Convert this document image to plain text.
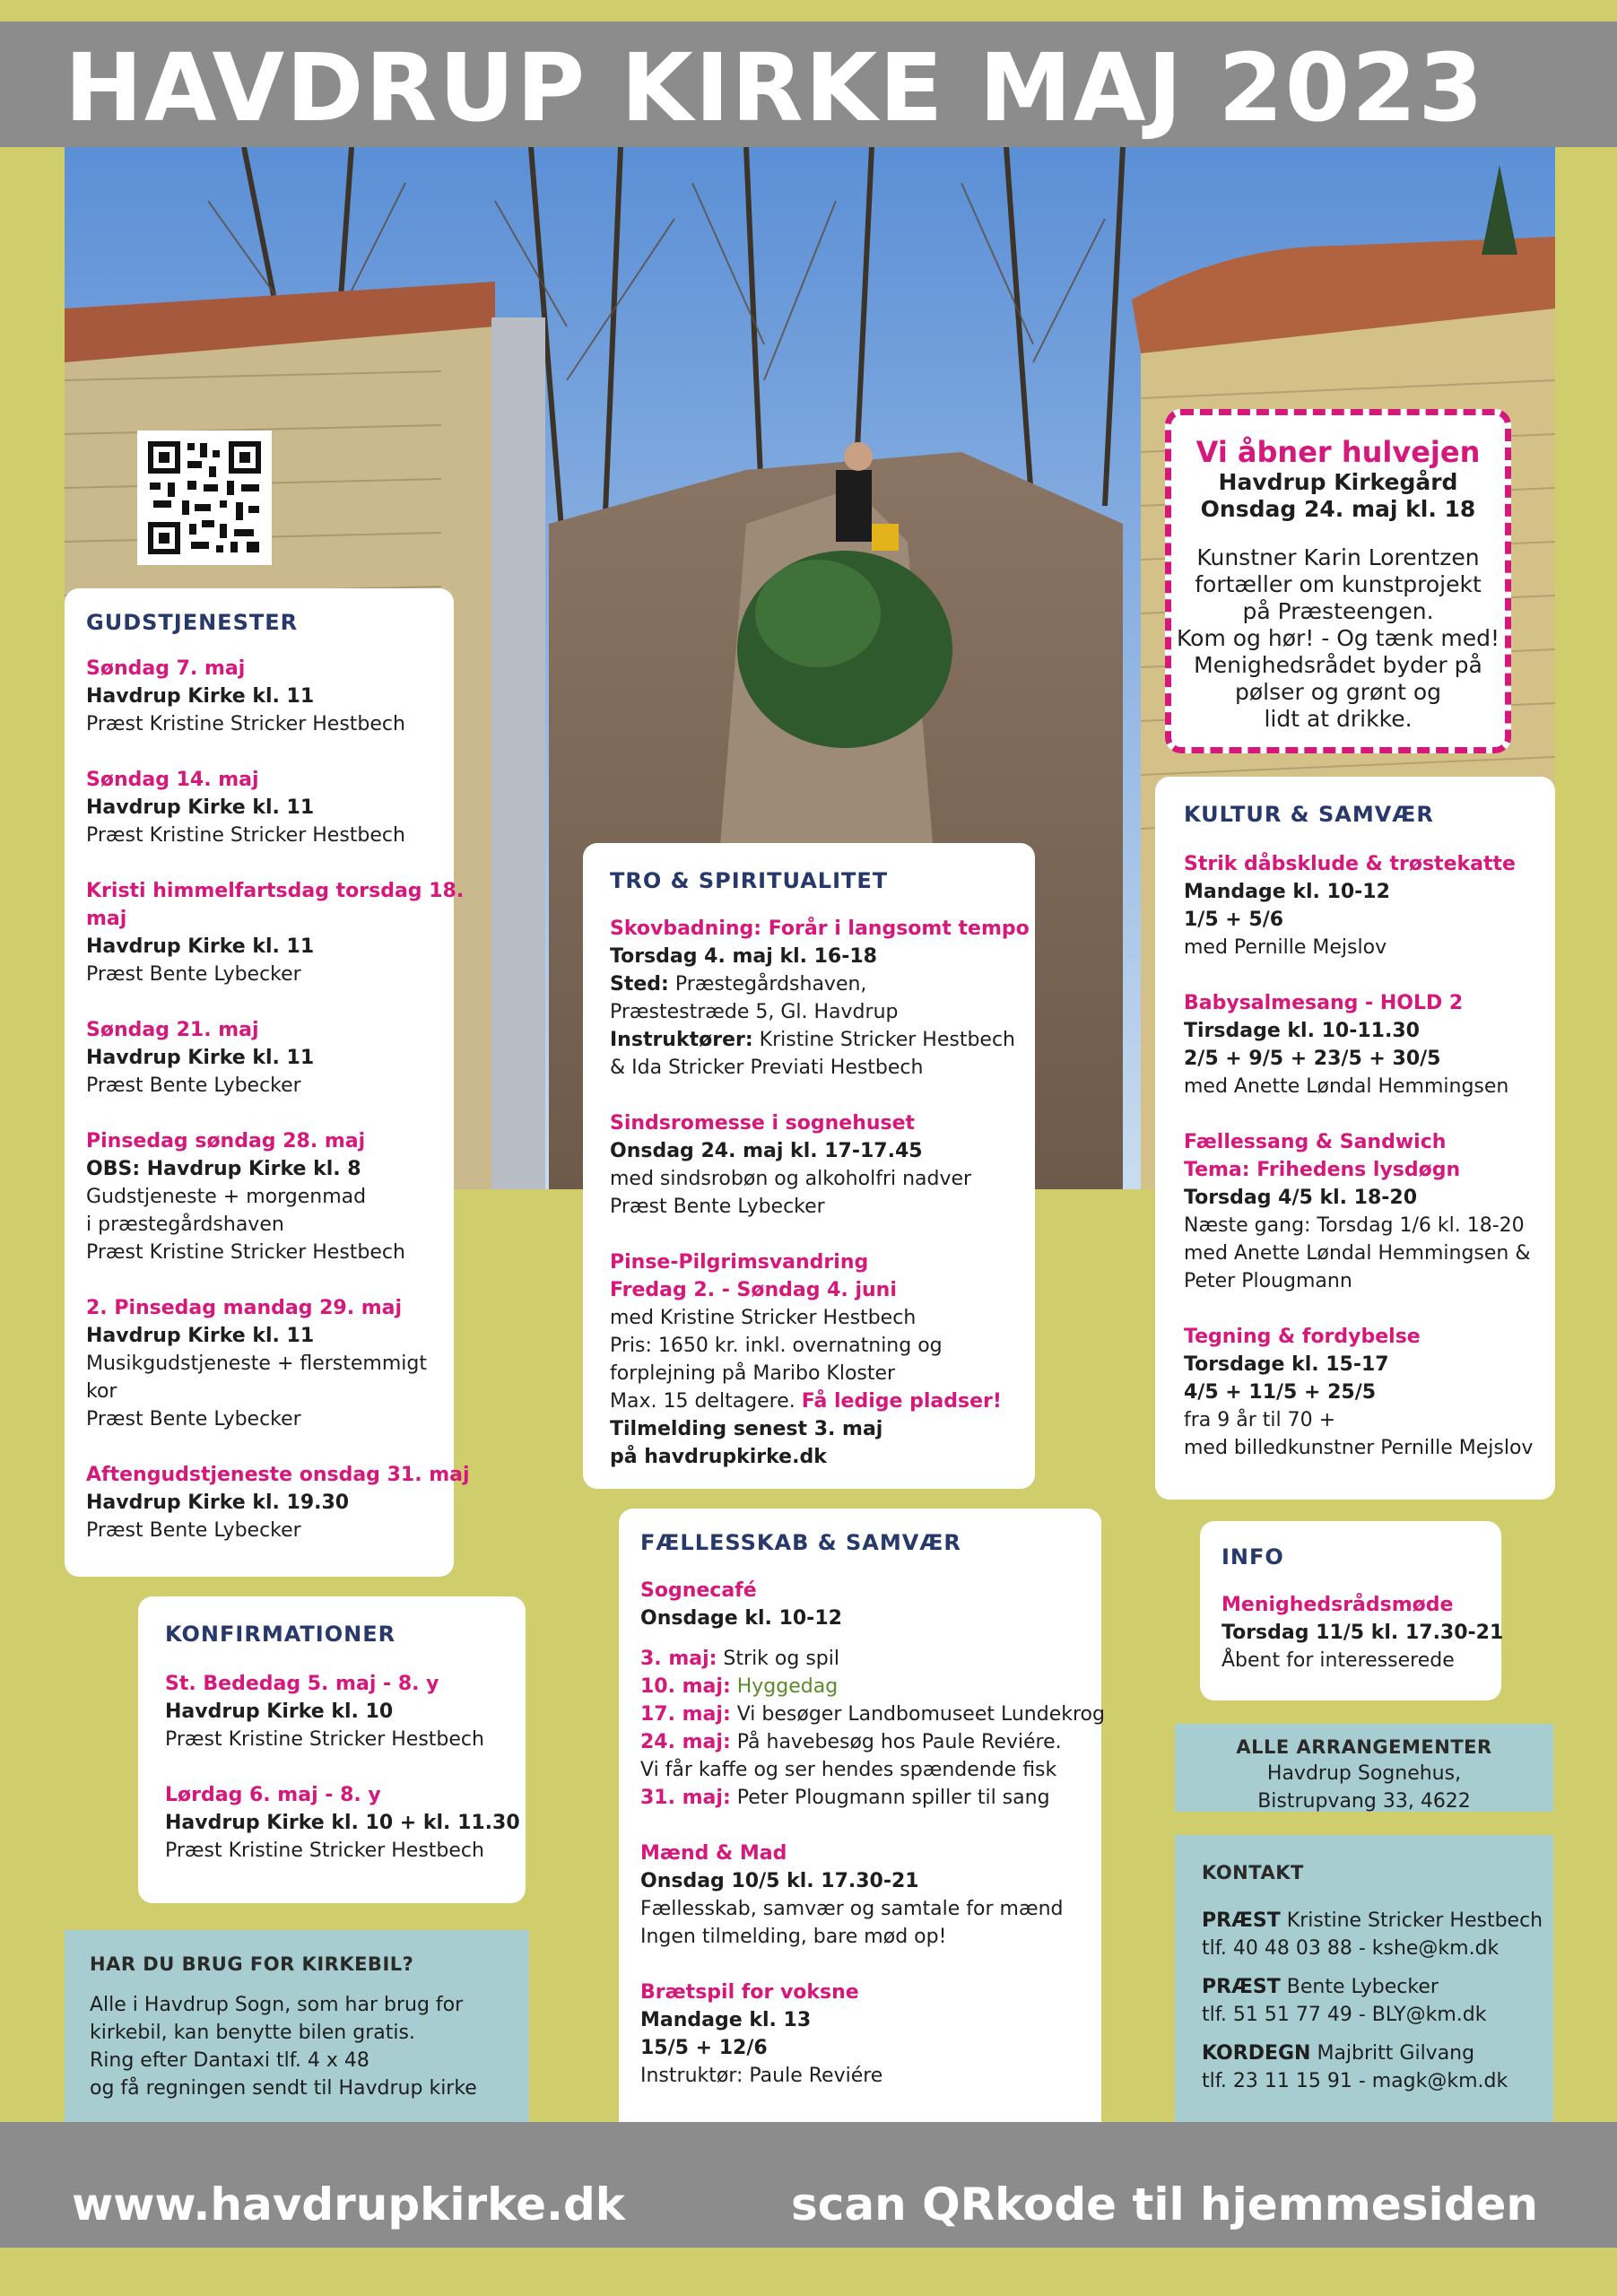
HAVDRUP KIRKE MAJ 2023
Vi åbner hulvejen
Havdrup Kirkegård
Onsdag 24. maj kl. 18
Kunstner Karin Lorentzen
fortæller om kunstprojekt
på Præsteengen.
Kom og hør! - Og tænk med!
Menighedsrådet byder på
pølser og grønt og
lidt at drikke.
GUDSTJENESTER
Søndag 7. maj
Havdrup Kirke kl. 11
Præst Kristine Stricker Hestbech
Søndag 14. maj
Havdrup Kirke kl. 11
Præst Kristine Stricker Hestbech
Kristi himmelfartsdag torsdag 18.
maj
Havdrup Kirke kl. 11
Præst Bente Lybecker
Søndag 21. maj
Havdrup Kirke kl. 11
Præst Bente Lybecker
Pinsedag søndag 28. maj
OBS: Havdrup Kirke kl. 8
Gudstjeneste + morgenmad
i præstegårdshaven
Præst Kristine Stricker Hestbech
2. Pinsedag mandag 29. maj
Havdrup Kirke kl. 11
Musikgudstjeneste + flerstemmigt
kor
Præst Bente Lybecker
Aftengudstjeneste onsdag 31. maj
Havdrup Kirke kl. 19.30
Præst Bente Lybecker
KONFIRMATIONER
St. Bededag 5. maj - 8. y
Havdrup Kirke kl. 10
Præst Kristine Stricker Hestbech
Lørdag 6. maj - 8. y
Havdrup Kirke kl. 10 + kl. 11.30
Præst Kristine Stricker Hestbech
HAR DU BRUG FOR KIRKEBIL?
Alle i Havdrup Sogn, som har brug for
kirkebil, kan benytte bilen gratis.
Ring efter Dantaxi tlf. 4 x 48
og få regningen sendt til Havdrup kirke
TRO & SPIRITUALITET
Skovbadning: Forår i langsomt tempo
Torsdag 4. maj kl. 16-18
Sted: Præstegårdshaven,
Præstestræde 5, Gl. Havdrup
Instruktører: Kristine Stricker Hestbech
& Ida Stricker Previati Hestbech
Sindsromesse i sognehuset
Onsdag 24. maj kl. 17-17.45
med sindsrobøn og alkoholfri nadver
Præst Bente Lybecker
Pinse-Pilgrimsvandring
Fredag 2. - Søndag 4. juni
med Kristine Stricker Hestbech
Pris: 1650 kr. inkl. overnatning og
forplejning på Maribo Kloster
Max. 15 deltagere. Få ledige pladser!
Tilmelding senest 3. maj
på havdrupkirke.dk
FÆLLESSKAB & SAMVÆR
Sognecafé
Onsdage kl. 10-12
3. maj: Strik og spil
10. maj: Hyggedag
17. maj: Vi besøger Landbomuseet Lundekrog
24. maj: På havebesøg hos Paule Reviére.
Vi får kaffe og ser hendes spændende fisk
31. maj: Peter Plougmann spiller til sang
Mænd & Mad
Onsdag 10/5 kl. 17.30-21
Fællesskab, samvær og samtale for mænd
Ingen tilmelding, bare mød op!
Brætspil for voksne
Mandage kl. 13
15/5 + 12/6
Instruktør: Paule Reviére
KULTUR & SAMVÆR
Strik dåbsklude & trøstekatte
Mandage kl. 10-12
1/5 + 5/6
med Pernille Mejslov
Babysalmesang - HOLD 2
Tirsdage kl. 10-11.30
2/5 + 9/5 + 23/5 + 30/5
med Anette Løndal Hemmingsen
Fællessang & Sandwich
Tema: Frihedens lysdøgn
Torsdag 4/5 kl. 18-20
Næste gang: Torsdag 1/6 kl. 18-20
med Anette Løndal Hemmingsen &
Peter Plougmann
Tegning & fordybelse
Torsdage kl. 15-17
4/5 + 11/5 + 25/5
fra 9 år til 70 +
med billedkunstner Pernille Mejslov
INFO
Menighedsrådsmøde
Torsdag 11/5 kl. 17.30-21
Åbent for interesserede
ALLE ARRANGEMENTER
Havdrup Sognehus,
Bistrupvang 33, 4622
KONTAKT
PRÆST Kristine Stricker Hestbech
tlf. 40 48 03 88 - kshe@km.dk
PRÆST Bente Lybecker
tlf. 51 51 77 49 - BLY@km.dk
KORDEGN Majbritt Gilvang
tlf. 23 11 15 91 - magk@km.dk
www.havdrupkirke.dk	scan QRkode til hjemmesiden
